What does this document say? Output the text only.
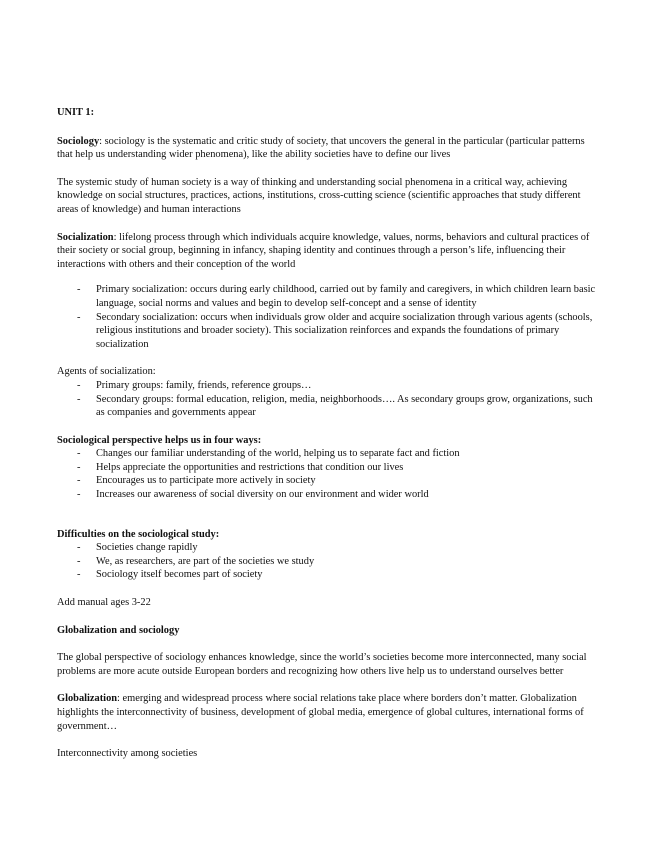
UNIT 1:

Sociology: sociology is the systematic and critic study of society, that uncovers the general in the particular (particular patterns that help us understanding wider phenomena), like the ability societies have to define our lives

The systemic study of human society is a way of thinking and understanding social phenomena in a critical way, achieving knowledge on social structures, practices, actions, institutions, cross-cutting science (scientific approaches that study different areas of knowledge) and human interactions

Socialization: lifelong process through which individuals acquire knowledge, values, norms, behaviors and cultural practices of their society or social group, beginning in infancy, shaping identity and continues through a person’s life, influencing their interactions with others and their conception of the world

- Primary socialization: occurs during early childhood, carried out by family and caregivers, in which children learn basic language, social norms and values and begin to develop self-concept and a sense of identity
- Secondary socialization: occurs when individuals grow older and acquire socialization through various agents (schools, religious institutions and broader society). This socialization reinforces and expands the foundations of primary socialization

Agents of socialization:

- Primary groups: family, friends, reference groups…
- Secondary groups: formal education, religion, media, neighborhoods…. As secondary groups grow, organizations, such as companies and governments appear

Sociological perspective helps us in four ways:

- Changes our familiar understanding of the world, helping us to separate fact and fiction
- Helps appreciate the opportunities and restrictions that condition our lives
- Encourages us to participate more actively in society
- Increases our awareness of social diversity on our environment and wider world

Difficulties on the sociological study:

- Societies change rapidly
- We, as researchers, are part of the societies we study
- Sociology itself becomes part of society

Add manual ages 3-22

Globalization and sociology

The global perspective of sociology enhances knowledge, since the world’s societies become more interconnected, many social problems are more acute outside European borders and recognizing how others live help us to understand ourselves better

Globalization: emerging and widespread process where social relations take place where borders don’t matter. Globalization highlights the interconnectivity of business, development of global media, emergence of global cultures, international forms of government…

Interconnectivity among societies
